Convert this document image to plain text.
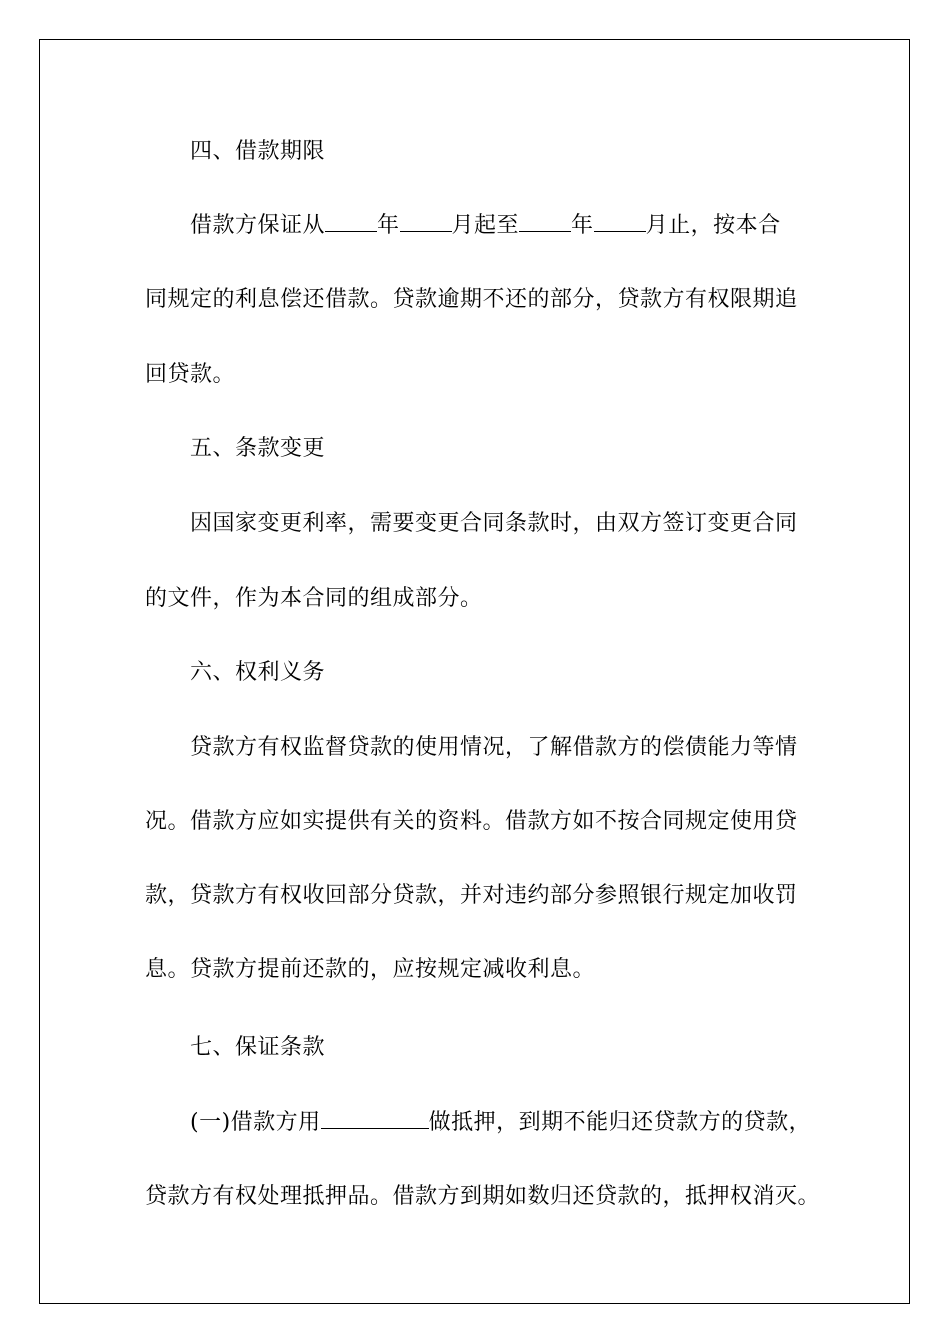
四、借款期限
借款方保证从 年 月起至 年 月止，按本合
同规定的利息偿还借款。贷款逾期不还的部分，贷款方有权限期追
回贷款。
五、条款变更
因国家变更利率，需要变更合同条款时，由双方签订变更合同
的文件，作为本合同的组成部分。
六、权利义务
贷款方有权监督贷款的使用情况，了解借款方的偿债能力等情
况。借款方应如实提供有关的资料。借款方如不按合同规定使用贷
款，贷款方有权收回部分贷款，并对违约部分参照银行规定加收罚
息。贷款方提前还款的，应按规定减收利息。
七、保证条款
(一)借款方用	做抵押，到期不能归还贷款方的贷款，
贷款方有权处理抵押品。借款方到期如数归还贷款的，抵押权消灭。
